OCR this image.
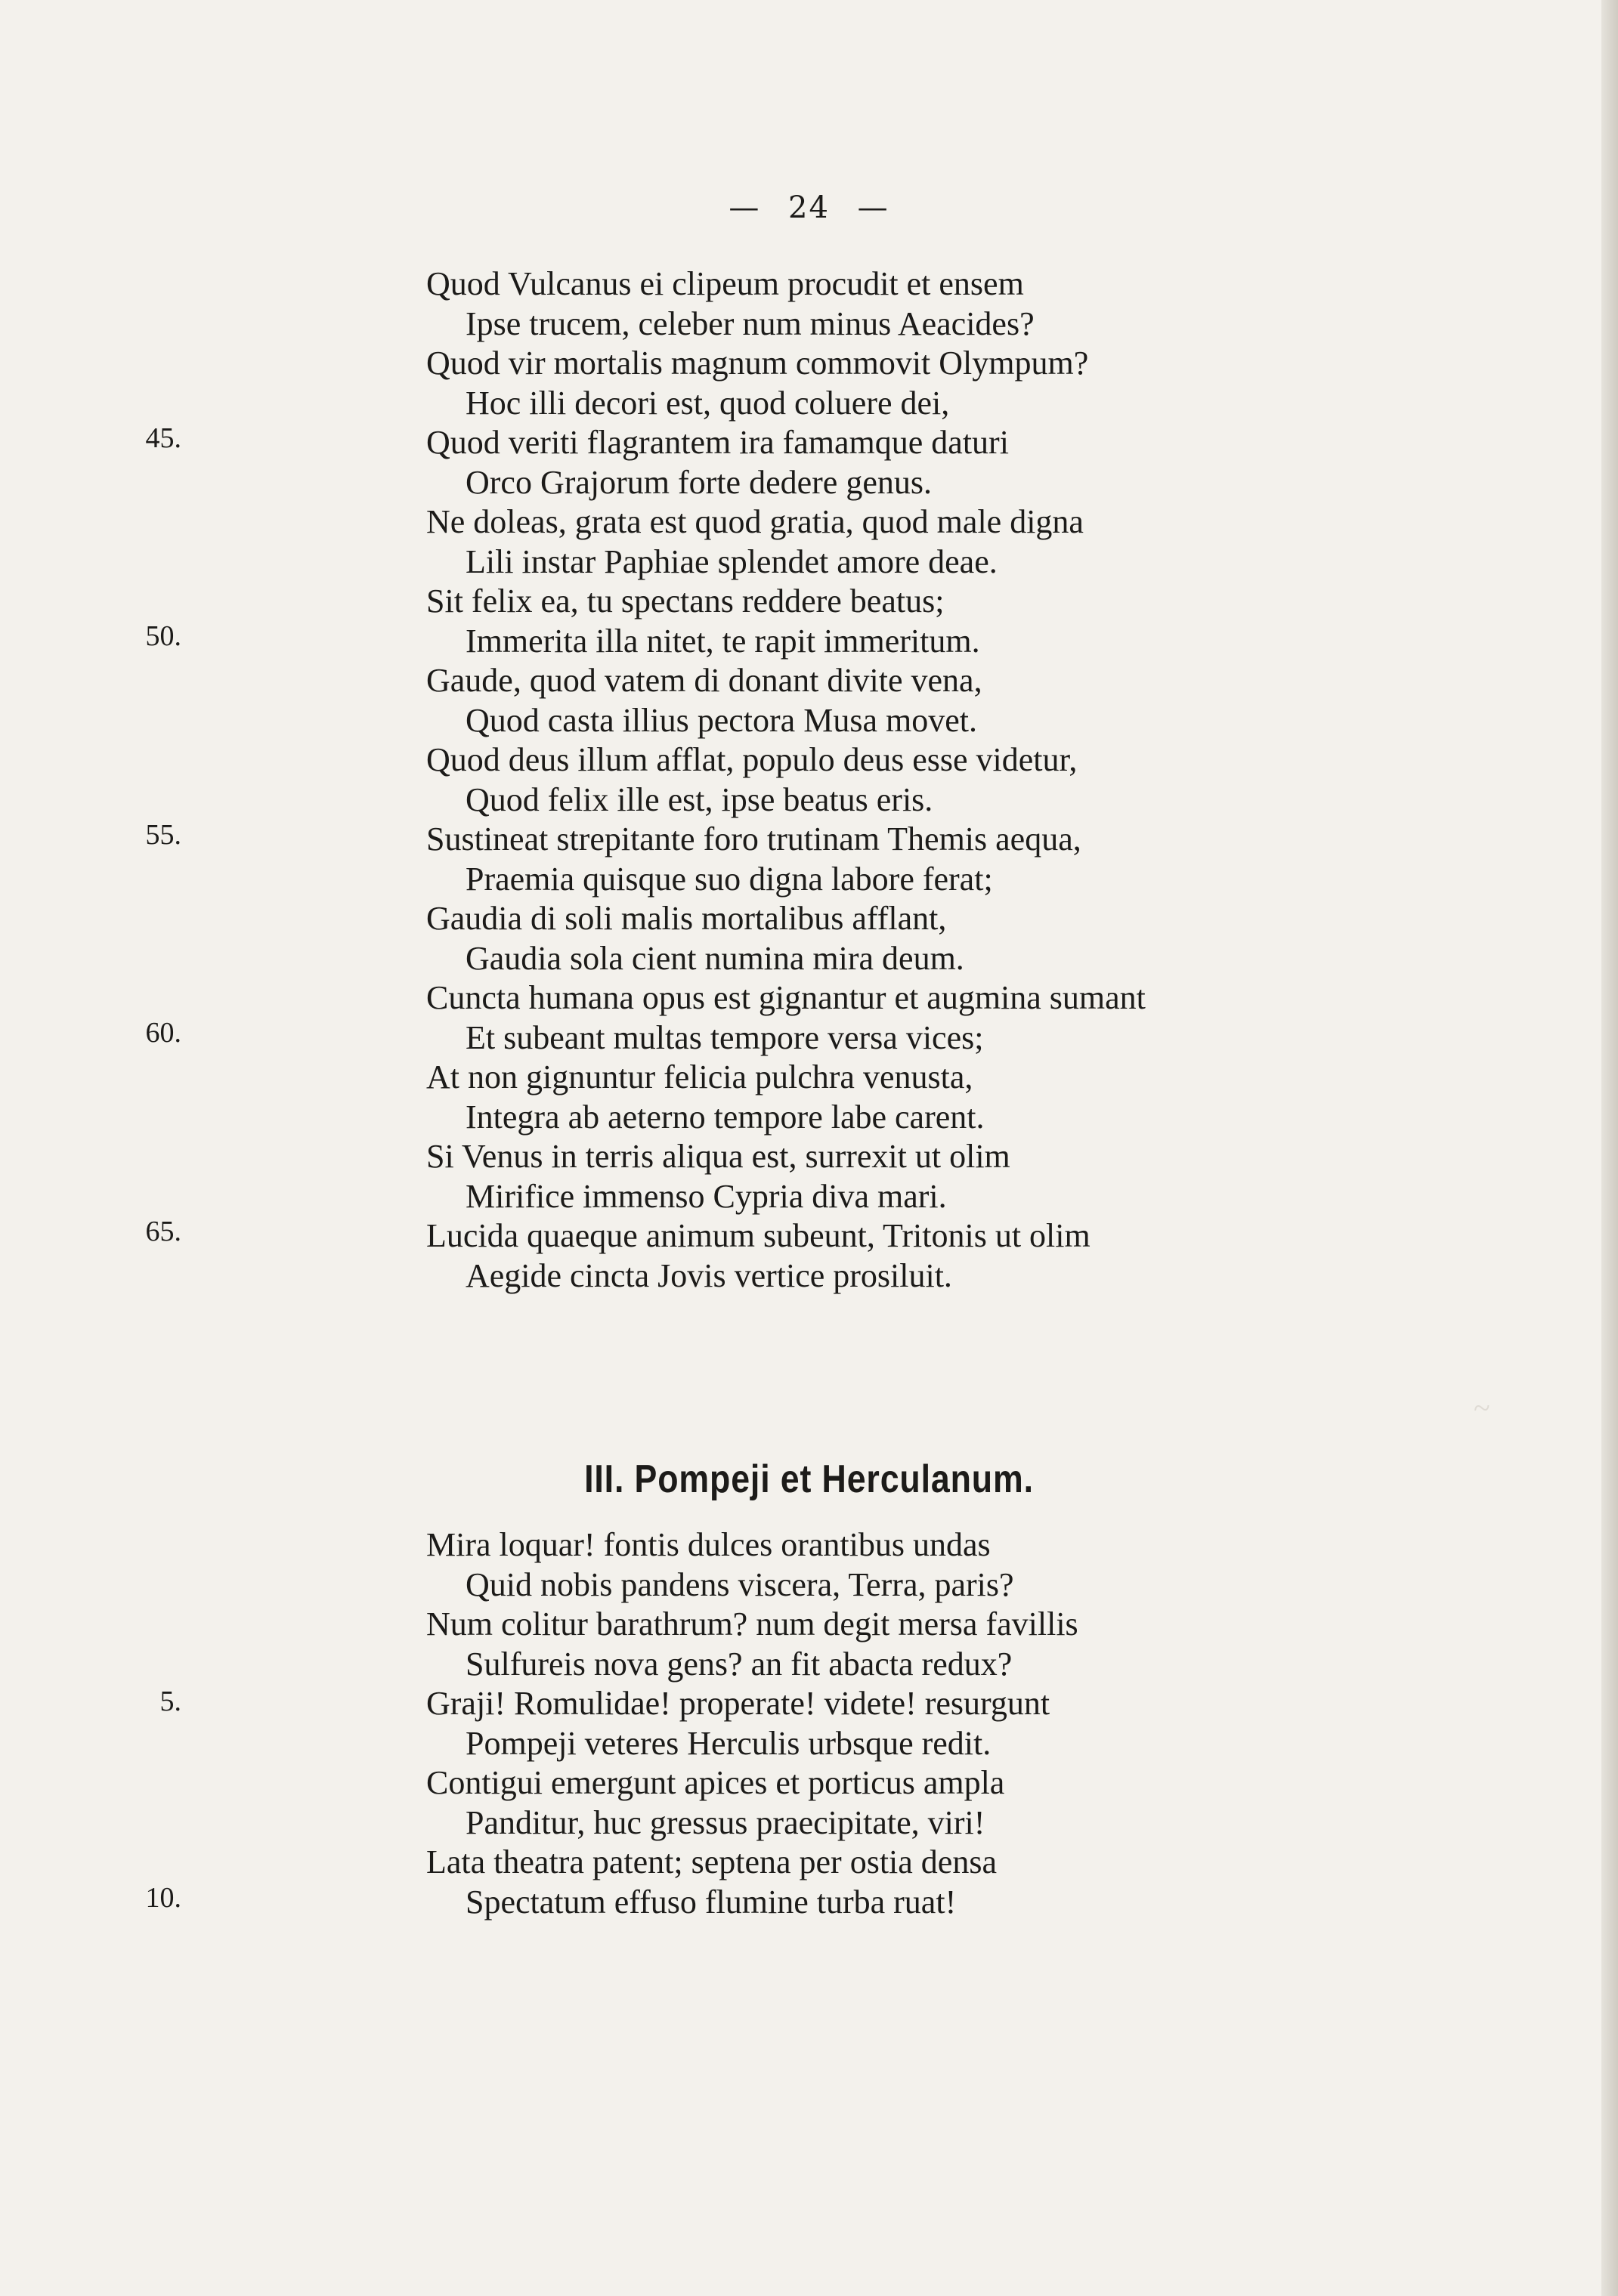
~
— 24 —
Quod Vulcanus ei clipeum procudit et ensem
Ipse trucem, celeber num minus Aeacides?
Quod vir mortalis magnum commovit Olympum?
Hoc illi decori est, quod coluere dei,
Quod veriti flagrantem ira famamque daturi
Orco Grajorum forte dedere genus.
Ne doleas, grata est quod gratia, quod male digna
Lili instar Paphiae splendet amore deae.
Sit felix ea, tu spectans reddere beatus;
Immerita illa nitet, te rapit immeritum.
Gaude, quod vatem di donant divite vena,
Quod casta illius pectora Musa movet.
Quod deus illum afflat, populo deus esse videtur,
Quod felix ille est, ipse beatus eris.
Sustineat strepitante foro trutinam Themis aequa,
Praemia quisque suo digna labore ferat;
Gaudia di soli malis mortalibus afflant,
Gaudia sola cient numina mira deum.
Cuncta humana opus est gignantur et augmina sumant
Et subeant multas tempore versa vices;
At non gignuntur felicia pulchra venusta,
Integra ab aeterno tempore labe carent.
Si Venus in terris aliqua est, surrexit ut olim
Mirifice immenso Cypria diva mari.
Lucida quaeque animum subeunt, Tritonis ut olim
Aegide cincta Jovis vertice prosiluit.
45.
50.
55.
60.
65.
III. Pompeji et Herculanum.
Mira loquar! fontis dulces orantibus undas
Quid nobis pandens viscera, Terra, paris?
Num colitur barathrum? num degit mersa favillis
Sulfureis nova gens? an fit abacta redux?
Graji! Romulidae! properate! videte! resurgunt
Pompeji veteres Herculis urbsque redit.
Contigui emergunt apices et porticus ampla
Panditur, huc gressus praecipitate, viri!
Lata theatra patent; septena per ostia densa
Spectatum effuso flumine turba ruat!
5.
10.
